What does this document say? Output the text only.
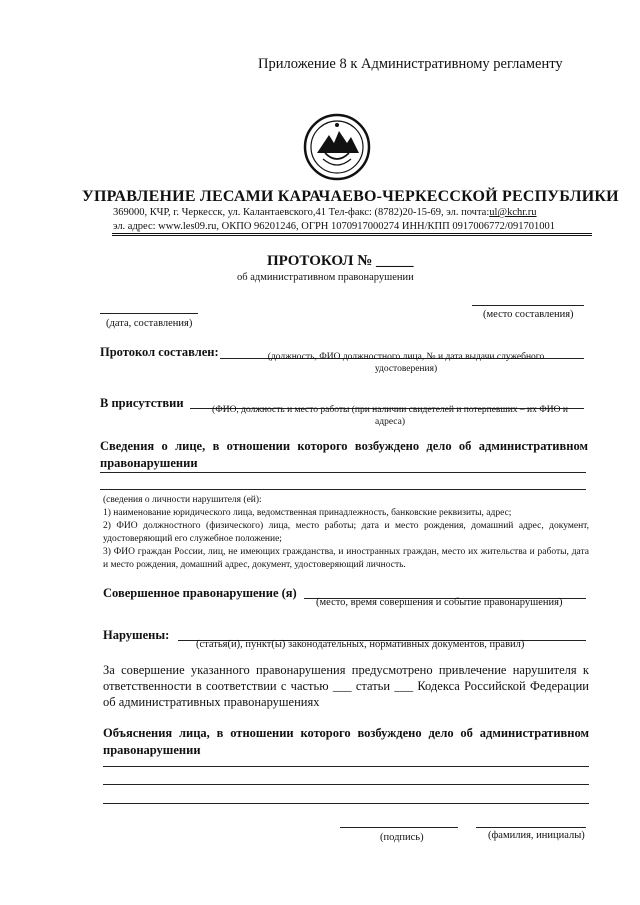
Приложение 8 к Административному регламенту
УПРАВЛЕНИЕ ЛЕСАМИ КАРАЧАЕВО-ЧЕРКЕССКОЙ РЕСПУБЛИКИ
369000, КЧР, г. Черкесск, ул. Калантаевского,41 Тел-факс: (8782)20-15-69, эл. почта:ul@kchr.ru
эл. адрес: www.les09.ru, ОКПО 96201246, ОГРН 1070917000274 ИНН/КПП 0917006772/091701001
ПРОТОКОЛ № _____
об административном правонарушении
(дата, составления)
(место составления)
Протокол составлен:	(должность, ФИО должностного лица, № и дата выдачи служебного удостоверения)
В присутствии	(ФИО, должность и место работы (при наличии свидетелей и потерпевших – их ФИО и адреса)
Сведения о лице, в отношении которого возбуждено дело об административном правонарушении
(сведения о личности нарушителя (ей):
1) наименование юридического лица, ведомственная принадлежность, банковские реквизиты, адрес;
2) ФИО должностного (физического) лица, место работы; дата и место рождения, домашний адрес, документ, удостоверяющий его служебное положение;
3) ФИО граждан России, лиц, не имеющих гражданства, и иностранных граждан, место их жительства и работы, дата и место рождения, домашний адрес, документ, удостоверяющий личность.
Совершенное правонарушение (я)
(место, время совершения и событие правонарушения)
Нарушены:
(статья(и), пункт(ы) законодательных, нормативных документов, правил)
За совершение указанного правонарушения предусмотрено привлечение нарушителя к ответственности в соответствии с частью ___ статьи ___ Кодекса Российской Федерации об административных правонарушениях
Объяснения лица, в отношении которого возбуждено дело об административном правонарушении
(подпись)	(фамилия, инициалы)
